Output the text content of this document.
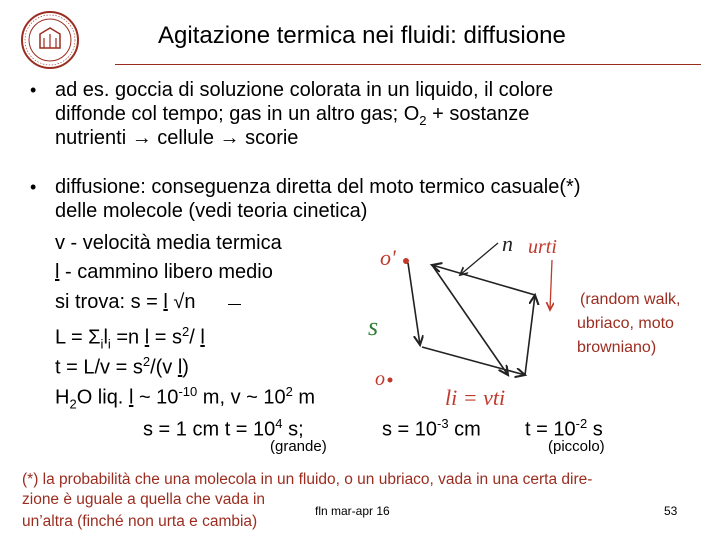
Agitazione termica nei fluidi: diffusione
• ad es. goccia di soluzione colorata in un liquido, il colore
diffonde col tempo; gas in un altro gas; $O_2$ + sostanze
nutrienti → cellule → scorie
• diffusione: conseguenza diretta del moto termico casuale(*)
delle molecole (vedi teoria cinetica)
v - velocità media termica
l - cammino libero medio
si trova: s = l √n
$L = \Sigma_il_i =n$ $l = s^2/$ l
$t = L/v = s^2/(v$ l)
$H_2O$ liq. l ~ $10^{-10}$ m, v ~ $10^2$ m
s = 1 cm $t = 10^4$ s;
(grande)
$s = 10^{-3}$ cm $t = 10^{-2}$ s
(piccolo)
(random walk,
ubriaco, moto
browniano)
o'
n urti
s
o
li = vti
(*) la probabilità che una molecola in un fluido, o un ubriaco, vada in una certa dire-
zione è uguale a quella che vada in
un’altra (finché non urta e cambia)
fln mar-apr 16	53
